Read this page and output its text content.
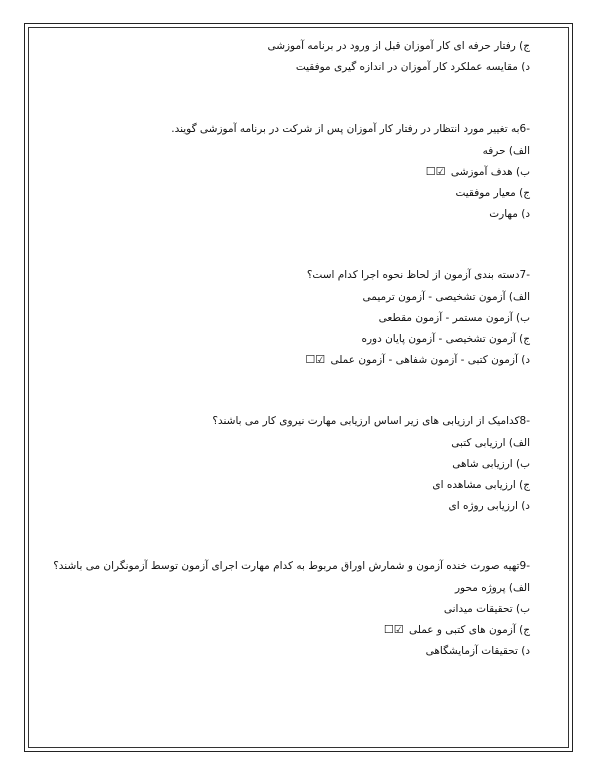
ج) رفتار حرفه ای کار آموزان قبل از ورود در برنامه آموزشی
د) مقایسه عملکرد کار آموزان در اندازه گیری موفقیت
-6به تغییر مورد انتظار در رفتار کار آموزان پس از شرکت در برنامه آموزشی گویند.
الف) حرفه
ب) هدف آموزشی ☐☑
ج) معیار موفقیت
د) مهارت
-7دسته بندی آزمون از لحاظ نحوه اجرا کدام است؟
الف) آزمون تشخیصی - آزمون ترمیمی
ب) آزمون مستمر - آزمون مقطعی
ج) آزمون تشخیصی - آزمون پایان دوره
د) آزمون کتبی - آزمون شفاهی - آزمون عملی ☐☑
-8کدامیک از ارزیابی های زیر اساس ارزیابی مهارت نیروی کار می باشند؟
الف) ارزیابی کتبی
ب) ارزیابی شاهی
ج) ارزیابی مشاهده ای
د) ارزیابی روژه ای
-9تهیه صورت خنده آزمون و شمارش اوراق مربوط به کدام مهارت اجرای آزمون توسط آزمونگران می باشند؟
الف) پروژه محور
ب) تحقیقات میدانی
ج) آزمون های کتبی و عملی ☐☑
د) تحقیقات آزمایشگاهی
